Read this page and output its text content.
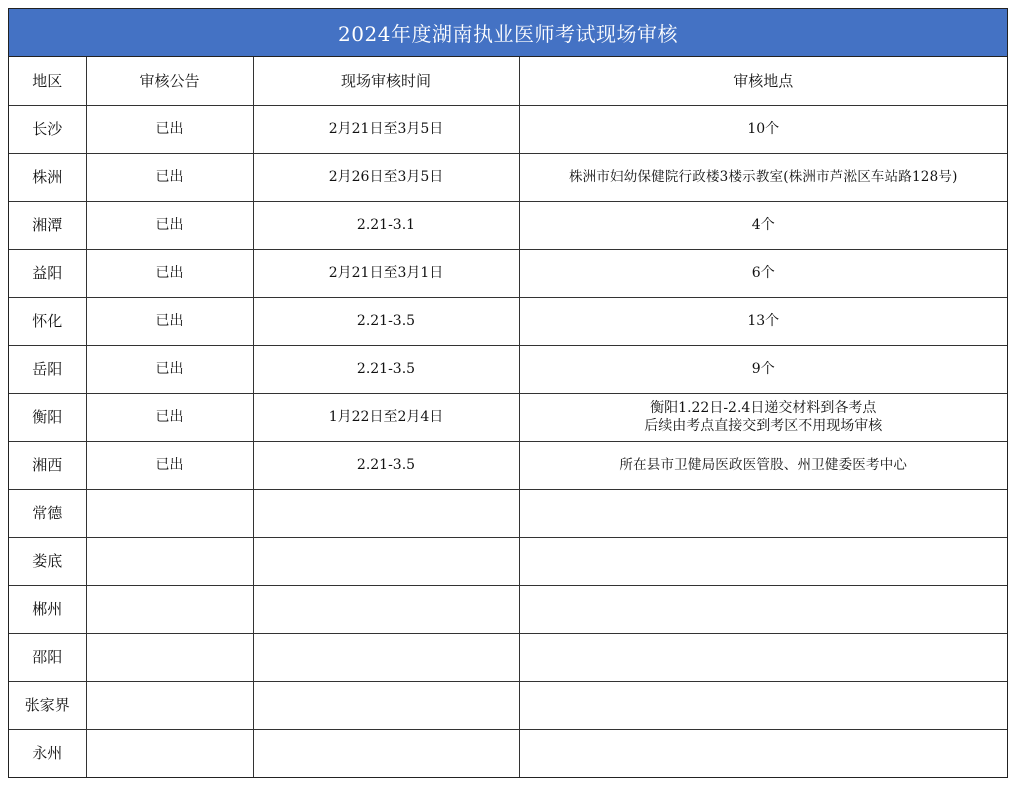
2024年度湖南执业医师考试现场审核
地区	审核公告	现场审核时间	审核地点
长沙	已出	2月21日至3月5日	10个

株洲	已出	2月26日至3月5日	株洲市妇幼保健院行政楼3楼示教室(株洲市芦淞区车站路128号)

湘潭	已出	2.21-3.1	4个

益阳	已出	2月21日至3月1日	6个

怀化	已出	2.21-3.5	13个

岳阳	已出	2.21-3.5	9个

衡阳	已出	1月22日至2月4日	衡阳1.22日-2.4日递交材料到各考点
后续由考点直接交到考区不用现场审核

湘西	已出	2.21-3.5	所在县市卫健局医政医管股、州卫健委医考中心

常德			
娄底			
郴州			
邵阳			
张家界			
永州			
